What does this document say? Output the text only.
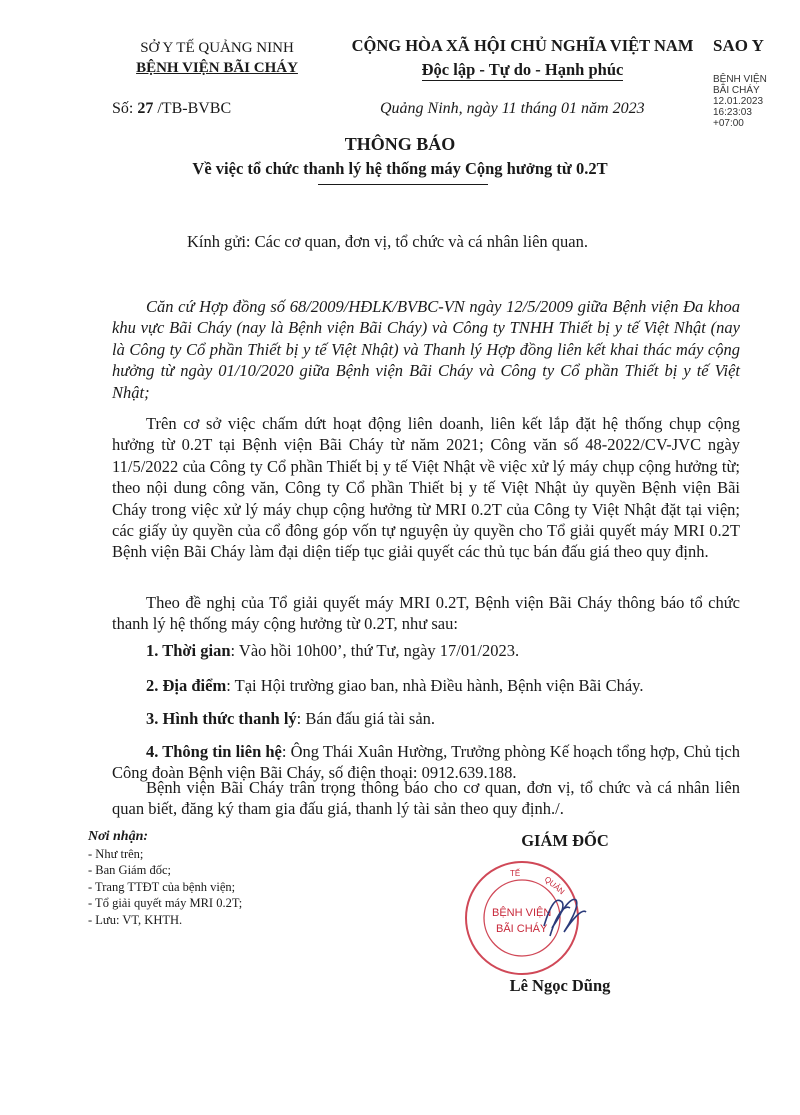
SỞ Y TẾ QUẢNG NINH
BỆNH VIỆN BÃI CHÁY
CỘNG HÒA XÃ HỘI CHỦ NGHĨA VIỆT NAM
Độc lập - Tự do - Hạnh phúc
SAO Y
BỆNH VIỆN
BÃI CHÁY
12.01.2023
16:23:03
+07:00
Số: 27 /TB-BVBC	Quảng Ninh, ngày 11 tháng 01 năm 2023
THÔNG BÁO
Về việc tổ chức thanh lý hệ thống máy Cộng hưởng từ 0.2T
Kính gửi: Các cơ quan, đơn vị, tổ chức và cá nhân liên quan.
Căn cứ Hợp đồng số 68/2009/HĐLK/BVBC-VN ngày 12/5/2009 giữa Bệnh viện Đa khoa khu vực Bãi Cháy (nay là Bệnh viện Bãi Cháy) và Công ty TNHH Thiết bị y tế Việt Nhật (nay là Công ty Cổ phần Thiết bị y tế Việt Nhật) và Thanh lý Hợp đồng liên kết khai thác máy cộng hưởng từ ngày 01/10/2020 giữa Bệnh viện Bãi Cháy và Công ty Cổ phần Thiết bị y tế Việt Nhật;
Trên cơ sở việc chấm dứt hoạt động liên doanh, liên kết lắp đặt hệ thống chụp cộng hưởng từ 0.2T tại Bệnh viện Bãi Cháy từ năm 2021; Công văn số 48-2022/CV-JVC ngày 11/5/2022 của Công ty Cổ phần Thiết bị y tế Việt Nhật về việc xử lý máy chụp cộng hưởng từ; theo nội dung công văn, Công ty Cổ phần Thiết bị y tế Việt Nhật ủy quyền Bệnh viện Bãi Cháy trong việc xử lý máy chụp cộng hưởng từ MRI 0.2T của Công ty Việt Nhật đặt tại viện; các giấy ủy quyền của cổ đông góp vốn tự nguyện ủy quyền cho Tổ giải quyết máy MRI 0.2T Bệnh viện Bãi Cháy làm đại diện tiếp tục giải quyết các thủ tục bán đấu giá theo quy định.
Theo đề nghị của Tổ giải quyết máy MRI 0.2T, Bệnh viện Bãi Cháy thông báo tổ chức thanh lý hệ thống máy cộng hưởng từ 0.2T, như sau:
1. Thời gian: Vào hồi 10h00’, thứ Tư, ngày 17/01/2023.
2. Địa điểm: Tại Hội trường giao ban, nhà Điều hành, Bệnh viện Bãi Cháy.
3. Hình thức thanh lý: Bán đấu giá tài sản.
4. Thông tin liên hệ: Ông Thái Xuân Hường, Trưởng phòng Kế hoạch tổng hợp, Chủ tịch Công đoàn Bệnh viện Bãi Cháy, số điện thoại: 0912.639.188.
Bệnh viện Bãi Cháy trân trọng thông báo cho cơ quan, đơn vị, tổ chức và cá nhân liên quan biết, đăng ký tham gia đấu giá, thanh lý tài sản theo quy định./.
Nơi nhận:
- Như trên;
- Ban Giám đốc;
- Trang TTĐT của bệnh viện;
- Tổ giải quyết máy MRI 0.2T;
- Lưu: VT, KHTH.
GIÁM ĐỐC
TẾ
QUẢN
BỆNH VIỆN
BÃI CHÁY
Lê Ngọc Dũng
